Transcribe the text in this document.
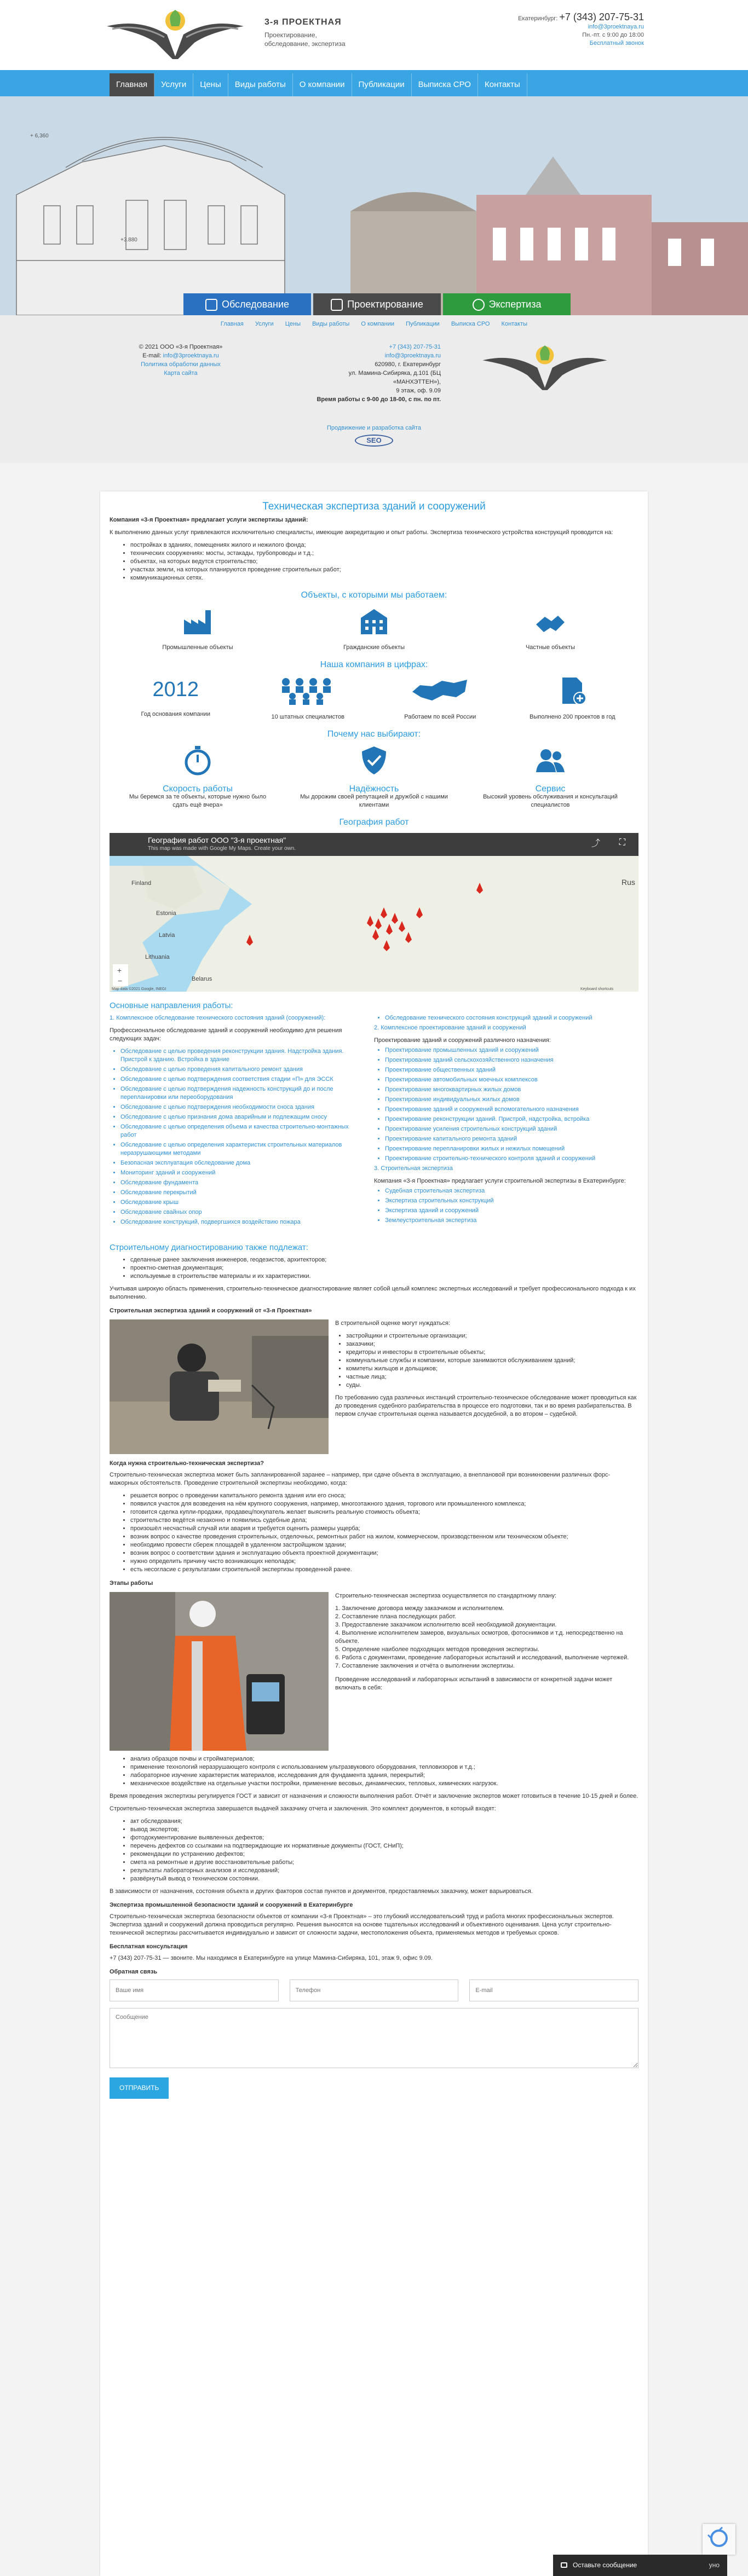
3-я ПРОЕКТНАЯ
Проектирование, обследование, экспертиза
Екатеринбург: +7 (343) 207-75-31
info@3proektnaya.ru
Пн.-пт. с 9:00 до 18:00
Бесплатный звонок
Главная	Услуги	Цены	Виды работы	О компании	Публикации	Выписка СРО	Контакты
+ 6,360
+3.880
Обследование	Проектирование	Экспертиза
Главная Услуги Цены Виды работы О компании Публикации Выписка СРО Контакты
© 2021 ООО «3-я Проектная»
E-mail: info@3proektnaya.ru
Политика обработки данных
Карта сайта
+7 (343) 207-75-31
info@3proektnaya.ru
620980, г. Екатеринбург
ул. Мамина-Сибиряка, д.101 (БЦ «МАНХЭТТЕН»),
9 этаж, оф. 9.09
Время работы с 9-00 до 18-00, с пн. по пт.
Продвижение и разработка сайта
SEO
Техническая экспертиза зданий и сооружений

Компания «3-я Проектная» предлагает услуги экспертизы зданий:

К выполнению данных услуг привлекаются исключительно специалисты, имеющие аккредитацию и опыт работы. Экспертиза технического устройства конструкций проводится на:

• постройках в зданиях, помещениях жилого и нежилого фонда;
• технических сооружениях: мосты, эстакады, трубопроводы и т.д.;
• объектах, на которых ведутся строительство;
• участках земли, на которых планируются проведение строительных работ;
• коммуникационных сетях.
Объекты, с которыми мы работаем:
Промышленные объекты	Гражданские объекты	Частные объекты
Наша компания в цифрах:
2012
Год основания компании	10 штатных специалистов	Работаем по всей России	Выполнено 200 проектов в год
Почему нас выбирают:
Скорость работы
Мы беремся за те объекты, которые нужно было сдать ещё вчера»
Надёжность
Мы дорожим своей репутацией и дружбой с нашими клиентами
Сервис
Высокий уровень обслуживания и консультаций специалистов
География работ
Finland
Estonia
Latvia
Lithuania
Belarus
Rus
+
−
Map data ©2021 Google, INEGI	Keyboard shortcuts
География работ ООО "3-я проектная"
This map was made with Google My Maps. Create your own.
⤴ ⛶
Основные направления работы:

1. Комплексное обследование технического состояния зданий (сооружений):

Профессиональное обследование зданий и сооружений необходимо для решения следующих задач:

• Обследование с целью проведения реконструкции здания. Надстройка здания. Пристрой к зданию. Встройка в здание
• Обследование с целью проведения капитального ремонт здания
• Обследование с целью подтверждения соответствия стадии «П» для ЭССК
• Обследование с целью подтверждения надежность конструкций до и после перепланировки или переоборудования
• Обследование с целью подтверждения необходимости сноса здания
• Обследование с целью признания дома аварийным и подлежащим сносу
• Обследование с целью определения объема и качества строительно-монтажных работ
• Обследование с целью определения характеристик строительных материалов неразрушающими методами
• Безопасная эксплуатация обследование дома
• Мониторинг зданий и сооружений
• Обследование фундамента
• Обследование перекрытий
• Обследование крыш
• Обследование свайных опор
• Обследование конструкций, подвергшихся воздействию пожара
• Обследование технического состояния конструкций зданий и сооружений

2. Комплексное проектирование зданий и сооружений

Проектирование зданий и сооружений различного назначения:

• Проектирование промышленных зданий и сооружений
• Проектирование зданий сельскохозяйственного назначения
• Проектирование общественных зданий
• Проектирование автомобильных моечных комплексов
• Проектирование многоквартирных жилых домов
• Проектирование индивидуальных жилых домов
• Проектирование зданий и сооружений вспомогательного назначения
• Проектирование реконструкции зданий. Пристрой, надстройка, встройка
• Проектирование усиления строительных конструкций зданий
• Проектирование капитального ремонта зданий
• Проектирование перепланировки жилых и нежилых помещений
• Проектирование строительно-технического контроля зданий и сооружений

3. Строительная экспертиза

Компания «3-я Проектная» предлагает услуги строительной экспертизы в Екатеринбурге:

• Судебная строительная экспертиза
• Экспертиза строительных конструкций
• Экспертиза зданий и сооружений
• Землеустроительная экспертиза
Строительному диагностированию также подлежат:
• сделанные ранее заключения инженеров, геодезистов, архитекторов;
• проектно-сметная документация;
• используемые в строительстве материалы и их характеристики.

Учитывая широкую область применения, строительно-техническое диагностирование являет собой целый комплекс экспертных исследований и требует профессионального подхода к их выполнению.

Строительная экспертиза зданий и сооружений от «3-я Проектная»

В строительной оценке могут нуждаться:

• застройщики и строительные организации;
• заказчики;
• кредиторы и инвесторы в строительные объекты;
• коммунальные службы и компании, которые занимаются обслуживанием зданий;
• комитеты жильцов и дольщиков;
• частные лица;
• суды.

По требованию суда различных инстанций строительно-техническое обследование может проводиться как до проведения судебного разбирательства в процессе его подготовки, так и во время разбирательства. В первом случае строительная оценка называется досудебной, а во втором – судебной.

Когда нужна строительно-техническая экспертиза?

Строительно-техническая экспертиза может быть запланированной заранее – например, при сдаче объекта в эксплуатацию, а внеплановой при возникновении различных форс-мажорных обстоятельств. Проведение строительной экспертизы необходимо, когда:

• решается вопрос о проведении капитального ремонта здания или его сноса;
• появился участок для возведения на нём крупного сооружения, например, многоэтажного здания, торгового или промышленного комплекса;
• готовится сделка купли-продажи, продавец/покупатель желает выяснить реальную стоимость объекта;
• строительство ведётся незаконно и появились судебные дела;
• произошёл несчастный случай или авария и требуется оценить размеры ущерба;
• возник вопрос о качестве проведения строительных, отделочных, ремонтных работ на жилом, коммерческом, производственном или техническом объекте;
• необходимо провести сбереж площадей в удаленном застройщиком здании;
• возник вопрос о соответствии здания и эксплуатацию объекта проектной документации;
• нужно определить причину чисто возникающих неполадок;
• есть несогласие с результатами строительной экспертизы проведенной ранее.
Этапы работы

Строительно-техническая экспертиза осуществляется по стандартному плану:

1. Заключение договора между заказчиком и исполнителем.
2. Составление плана последующих работ.
3. Предоставление заказчиком исполнителю всей необходимой документации.
4. Выполнение исполнителем замеров, визуальных осмотров, фотоснимков и т.д. непосредственно на объекте.
5. Определение наиболее подходящих методов проведения экспертизы.
6. Работа с документами, проведение лабораторных испытаний и исследований, выполнение чертежей.
7. Составление заключения и отчёта о выполнении экспертизы.

Проведение исследований и лабораторных испытаний в зависимости от конкретной задачи может включать в себя:

• анализ образцов почвы и стройматериалов;
• применение технологий неразрушающего контроля с использованием ультразвукового оборудования, тепловизоров и т.д.;
• лабораторное изучение характеристик материалов, исследования для фундамента здания, перекрытий;
• механическое воздействие на отдельные участки постройки, применение весовых, динамических, тепловых, химических нагрузок.

Время проведения экспертизы регулируется ГОСТ и зависит от назначения и сложности выполнения работ. Отчёт и заключение экспертов может готовиться в течение 10-15 дней и более.

Строительно-техническая экспертиза завершается выдачей заказчику отчета и заключения. Это комплект документов, в который входят:

• акт обследования;
• вывод экспертов;
• фотодокументирование выявленных дефектов;
• перечень дефектов со ссылками на подтверждающие их нормативные документы (ГОСТ, СНиП);
• рекомендации по устранению дефектов;
• смета на ремонтные и другие восстановительные работы;
• результаты лабораторных анализов и исследований;
• развёрнутый вывод о техническом состоянии.

В зависимости от назначения, состояния объекта и других факторов состав пунктов и документов, предоставляемых заказчику, может варьироваться.

Экспертиза промышленной безопасности зданий и сооружений в Екатеринбурге

Строительно-техническая экспертиза безопасности объектов от компании «3-я Проектная» – это глубокий исследовательский труд и работа многих профессиональных экспертов. Экспертиза зданий и сооружений должна проводиться регулярно. Решения выносятся на основе тщательных исследований и объективного оценивания. Цена услуг строительно-технической экспертизы рассчитывается индивидуально и зависит от сложности задачи, местоположения объекта, применяемых методов и требуемых сроков.

Бесплатная консультация

+7 (343) 207-75-31 — звоните. Мы находимся в Екатеринбурге на улице Мамина-Сибиряка, 101, этаж 9, офис 9.09.

Обратная связь
Ваше имя
Телефон
E-mail
Сообщение ОТПРАВИТЬ
Оставьте сообщение	уно
